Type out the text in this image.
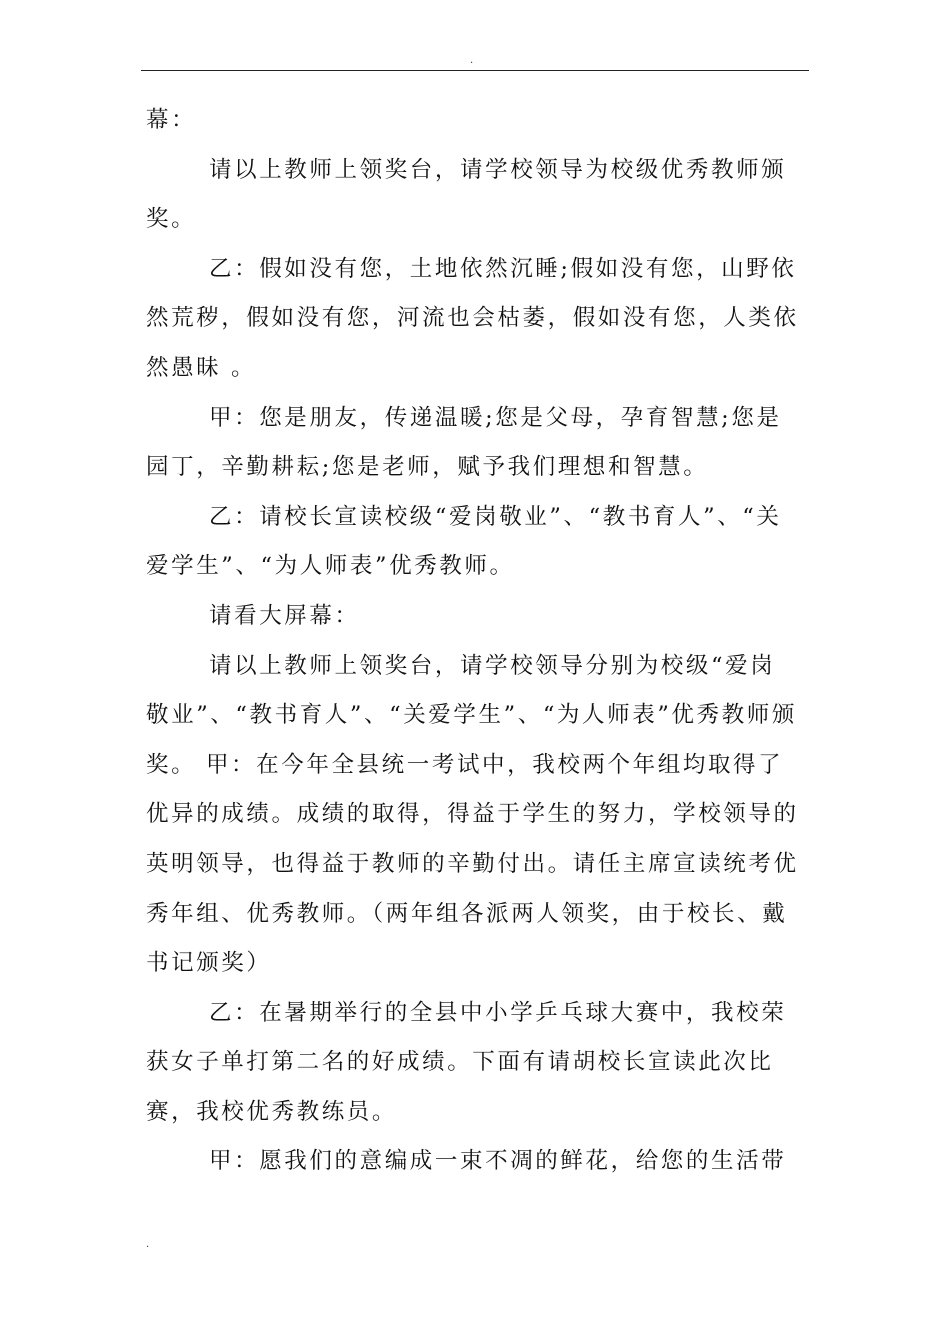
.
幕：
请以上教师上领奖台，请学校领导为校级优秀教师颁
奖。
乙：假如没有您，土地依然沉睡;假如没有您，山野依
然荒秽，假如没有您，河流也会枯萎，假如没有您，人类依
然愚昧 。
甲：您是朋友，传递温暖;您是父母，孕育智慧;您是
园丁，辛勤耕耘;您是老师，赋予我们理想和智慧。
乙：请校长宣读校级“爱岗敬业”、“教书育人”、“关
爱学生”、“为人师表”优秀教师。
请看大屏幕：
请以上教师上领奖台，请学校领导分别为校级“爱岗
敬业”、“教书育人”、“关爱学生”、“为人师表”优秀教师颁
奖。 甲：在今年全县统一考试中，我校两个年组均取得了
优异的成绩。成绩的取得，得益于学生的努力，学校领导的
英明领导，也得益于教师的辛勤付出。请任主席宣读统考优
秀年组、优秀教师。（两年组各派两人领奖，由于校长、戴
书记颁奖）
乙：在暑期举行的全县中小学乒乓球大赛中，我校荣
获女子单打第二名的好成绩。下面有请胡校长宣读此次比
赛，我校优秀教练员。
甲：愿我们的意编成一束不凋的鲜花，给您的生活带
.
